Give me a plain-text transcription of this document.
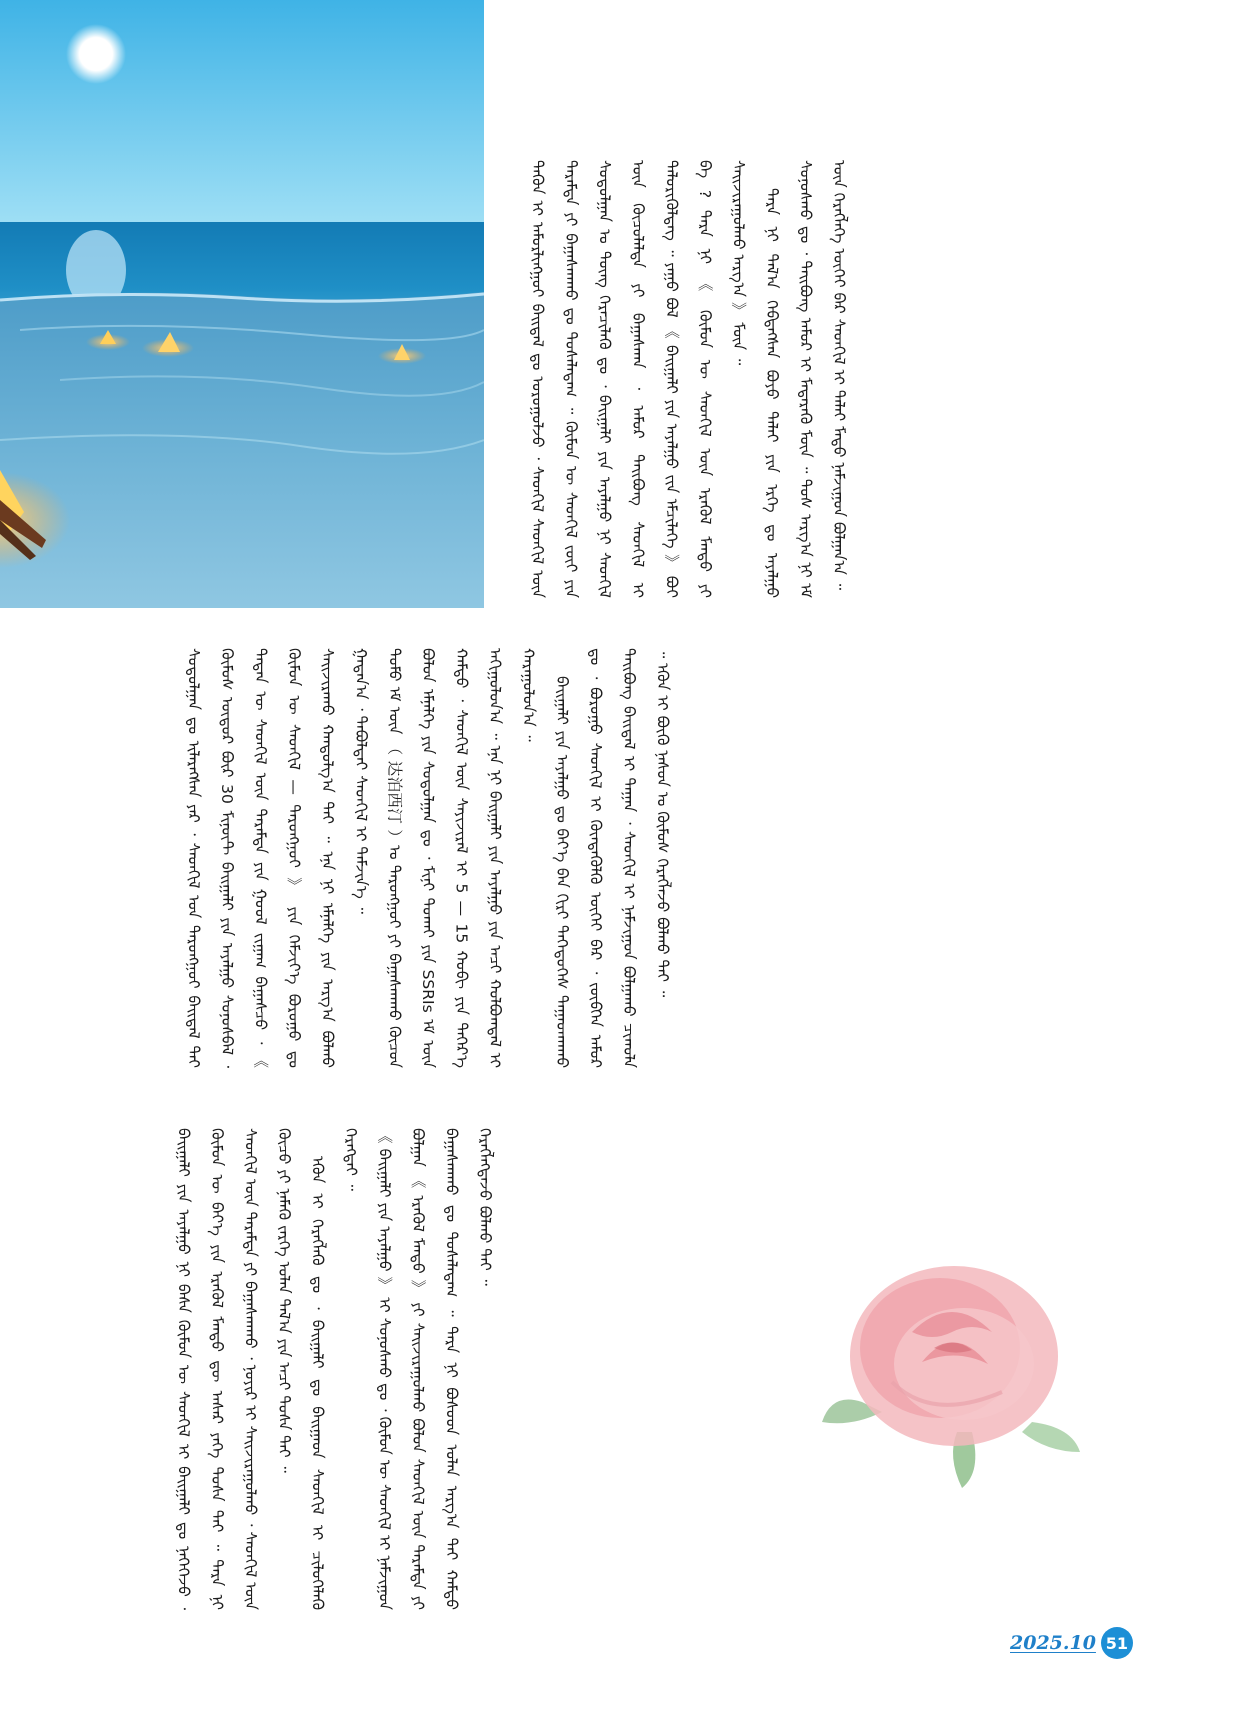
ᠲᠡᠭᠦᠨ ᠢ ᠠᠮᠤᠷᠯᠢᠩᠭᠤᠢ ᠪᠠᠢᠳᠠᠯ ᠳᠤ ᠣᠷᠤᠭᠤᠯᠵᠤ ᠂ ᠰᠡᠳᠬᠢᠯ ᠰᠡᠳᠬᠢᠯ ᠦᠨ ᠳᠠᠷᠠᠮᠲᠠ ᠶᠢ ᠪᠠᠭᠠᠰᠬᠠᠬᠤ ᠳᠤ ᠲᠤᠰᠠᠯᠠᠳᠠᠭ ᠃ ᠬᠦᠮᠦᠨ ᠦ ᠰᠡᠳᠬᠢᠯ ᠵᠦᠢ ᠶᠢᠨ ᠰᠤᠳᠤᠯᠭᠠᠨ ᠤ ᠳᠦᠩ ᠭᠡᠷᠡᠴᠢᠯᠡᠬᠦ ᠳᠤ ᠂ ᠪᠠᠢᠭᠠᠯᠢ ᠶᠢᠨ ᠠᠶᠠᠯᠭᠤ ᠨᠢ ᠰᠡᠳᠬᠢᠯ ᠦᠨ ᠬᠦᠴᠦᠯᠡᠯᠲᠡ ᠶᠢ ᠪᠠᠭᠠᠰᠬᠠᠨ ᠂ ᠠᠮᠤᠷ ᠲᠠᠢᠪᠤᠩ ᠰᠡᠳᠬᠢᠯ ᠢ ᠲᠡᠯᠦᠷᠢᠭᠦᠯᠳᠡᠭ ᠃ ᠶᠠᠭᠤ ᠪᠣᠯ 《 ᠪᠠᠢᠭᠠᠯᠢ ᠶᠢᠨ ᠠᠶᠠᠯᠭᠤ ᠵᠢᠨ ᠡᠮᠴᠢᠯᠡᠭᠡ 》 ᠪᠤᠢ ᠪᠡ ? ᠲᠡᠷᠡ ᠨᠢ 《 ᠬᠦᠮᠦᠨ ᠦ ᠰᠡᠳᠬᠢᠯ ᠦᠨ ᠡᠷᠡᠬᠦᠯ ᠮᠡᠨᠳᠦ ᠶᠢ ᠰᠠᠢᠵᠢᠷᠠᠭᠤᠯᠬᠤ ᠠᠷᠭ᠎ᠠ 》 ᠮᠥᠨ ᠃	ᠲᠡᠷᠡ ᠨᠢ ᠲᠠᠯ᠎ᠠ ᠬᠡᠪᠲᠡᠭᠰᠡᠨ ᠪᠤᠶᠤ ᠳᠠᠯᠠᠢ ᠶᠢᠨ ᠡᠷᠭᠡ ᠳᠤ ᠠᠶᠠᠯᠭᠤ ᠰᠣᠨᠣᠰᠬᠤ ᠳᠤ ᠂ ᠲᠠᠢᠪᠤᠩ ᠠᠮᠤᠷ ᠢ ᠮᠡᠳᠡᠷᠡᠬᠦ ᠮᠥᠨ ᠃ ᠲᠤᠰ ᠠᠷᠭ᠎ᠠ ᠨᠢ ᠡᠮ ᠦᠨ ᠬᠡᠷᠡᠭᠯᠡᠭᠡ ᠦᠭᠡᠢ ᠪᠡᠷ ᠰᠡᠳᠬᠢᠯ ᠢ ᠳᠠᠯᠠᠢ ᠮᠡᠲᠦ ᠨᠠᠮᠵᠢᠭᠤᠨ ᠪᠣᠯᠭᠠᠨ᠎ᠠ ᠃

ᠰᠤᠳᠤᠯᠭᠠᠨ ᠳᠤ ᠢᠯᠡᠷᠡᠭᠰᠡᠨ ᠶᠠᠷ ᠂ ᠰᠡᠳᠬᠢᠯ ᠤᠨ ᠳᠠᠷᠤᠩᠭᠤᠢ ᠪᠠᠢᠳᠠᠯ ᠲᠠᠢ ᠬᠦᠮᠦᠰ ᠦᠳᠦᠷ ᠪᠦᠷ 30 ᠮᠢᠨᠦ᠋ᠲ ᠪᠠᠢᠭᠠᠯᠢ ᠶᠢᠨ ᠠᠶᠠᠯᠭᠤ ᠰᠣᠨᠣᠰᠪᠠᠯ ᠂ ᠲᠡᠳᠡᠨ ᠦ ᠰᠡᠳᠬᠢᠯ ᠦᠨ ᠳᠠᠷᠠᠮᠲᠠ ᠶᠢᠨ ᠭᠣᠣᠯ ᠵᠢᠭᠠᠭ ᠪᠠᠭᠠᠰᠴᠤ ᠂ 《 ᠬᠦᠮᠦᠨ ᠦ ᠰᠡᠳᠬᠢᠯ — ᠳᠠᠷᠤᠩᠭᠤᠢ 》 ᠶᠢᠨ ᠬᠡᠮᠵᠢᠶ᠎ᠡ ᠪᠤᠷᠤᠭᠤ ᠳᠤ ᠰᠠᠢᠵᠢᠷᠠᠬᠤ ᠬᠠᠨᠳᠤᠯᠭ᠎ᠠ ᠲᠠᠢ ᠃ ᠡᠨᠡ ᠨᠢ ᠡᠮᠨᠡᠯᠭᠡ ᠶᠢᠨ ᠠᠷᠭ᠎ᠠ ᠪᠣᠯᠬᠤ ᠭᠠᠳᠠᠨ᠎ᠠ ᠂ ᠳᠠᠪᠤᠯᠲᠠᠢ ᠰᠡᠳᠬᠢᠯ ᠢ ᠳᠡᠮᠵᠢᠨ᠎ᠡ ᠃	ᠲᠣᠮᠣ ᠡᠮ ᠦᠨ （ 达泊西汀 ）ᠤ ᠳᠠᠷᠤᠩᠭᠤᠢ ᠶᠢ ᠪᠠᠭᠠᠰᠬᠠᠬᠤ ᠬᠦᠴᠦᠨ ᠪᠣᠯᠤᠨ ᠡᠮᠨᠡᠯᠭᠡ ᠶᠢᠨ ᠰᠤᠳᠤᠯᠭᠠᠨ ᠳᠤ ᠂ ᠮᠢᠨᠢ ᠲᠤᠬᠠᠢ ᠶᠢᠨ SSRIs ᠡᠮ ᠦᠨ ᠬᠠᠮᠲᠤ ᠂ ᠰᠡᠳᠬᠢᠯ ᠦᠨ ᠰᠠᠶᠢᠵᠢᠷᠠᠯ ᠢ 5 — 15 ᠬᠤᠪᠢ ᠶᠢᠨ ᠳᠡᠭᠡᠷ᠎ᠡ ᠠᠬᠢᠭᠤᠯᠤᠨ᠎ᠠ ᠃ ᠡᠨᠡ ᠨᠢ ᠪᠠᠢᠭᠠᠯᠢ ᠶᠢᠨ ᠠᠶᠠᠯᠭᠤ ᠶᠢᠨ ᠠᠴᠢ ᠬᠣᠯᠪᠣᠭᠳᠠᠯ ᠢ ᠬᠠᠷᠠᠭᠤᠯᠤᠨ᠎ᠠ ᠃	ᠪᠠᠢᠭᠠᠯᠢ ᠶᠢᠨ ᠠᠶᠠᠯᠭᠤ ᠳᠤ ᠪᠡᠶ᠎ᠡ ᠪᠡᠨ ᠬᠢᠷᠢ ᠲᠡᠭᠡᠳᠦᠭᠡᠰ ᠳᠠᠭᠠᠳᠬᠠᠬᠤ ᠳᠤ ᠂ ᠪᠤᠷᠤᠭᠤ ᠰᠡᠳᠬᠢᠯ ᠢ ᠬᠥᠨᠳᠡᠭᠦᠯᠬᠦ ᠦᠭᠡᠢ ᠪᠡᠷ ᠂ ᠵᠥᠪᠬᠡᠨ ᠠᠮᠤᠷ ᠲᠠᠢᠪᠤᠩ ᠪᠠᠢᠳᠠᠯ ᠢ ᠳᠠᠭᠠᠨ ᠂ ᠰᠡᠳᠬᠢᠯ ᠢ ᠨᠠᠮᠵᠢᠭᠤᠨ ᠪᠣᠯᠭᠠᠬᠤ ᠴᠢᠬᠤᠯᠠ ᠃ ᠡᠭᠦᠨ ᠢ ᠪᠦᠬᠦ ᠨᠠᠰᠤᠨ ᠤ ᠬᠦᠮᠦᠰ ᠬᠡᠷᠡᠭᠯᠡᠵᠦ ᠪᠣᠯᠬᠤ ᠲᠠᠢ ᠃

ᠪᠠᠢᠭᠠᠯᠢ ᠶᠢᠨ ᠠᠶᠠᠯᠭᠤ ᠨᠢ ᠪᠠᠰᠠ ᠬᠦᠮᠦᠨ ᠦ ᠰᠡᠳᠬᠢᠯ ᠢ ᠪᠠᠢᠭᠠᠯᠢ ᠳᠤ ᠨᠡᠭᠡᠭᠡᠵᠦ ᠂ ᠬᠦᠮᠦᠨ ᠦ ᠪᠡᠶ᠎ᠡ ᠶᠢᠨ ᠡᠷᠡᠬᠦᠯ ᠮᠡᠨᠳᠦ ᠳᠦ ᠠᠰᠠᠷ ᠶᠡᠬᠡ ᠲᠤᠰᠠ ᠲᠠᠢ ᠃ ᠲᠡᠷᠡ ᠨᠢ ᠰᠡᠳᠬᠢᠯ ᠦᠨ ᠳᠠᠷᠠᠮᠲᠠ ᠶᠢ ᠪᠠᠭᠠᠰᠬᠠᠬᠤ ᠂ ᠨᠣᠶᠢᠷ ᠢ ᠰᠠᠢᠵᠢᠷᠠᠭᠤᠯᠬᠤ ᠂ ᠰᠡᠳᠬᠢᠯ ᠦᠨ ᠬᠦᠴᠦ ᠶᠢ ᠨᠡᠮᠡᠬᠦ ᠵᠡᠷᠭᠡ ᠣᠯᠠᠨ ᠲᠠᠯ᠎ᠠ ᠶᠢᠨ ᠠᠴᠢ ᠲᠤᠰᠠ ᠲᠠᠢ ᠃	ᠡᠭᠦᠨ ᠢ ᠬᠡᠷᠡᠭᠯᠡᠬᠦ ᠳᠤ ᠂ ᠪᠠᠢᠭᠠᠯᠢ ᠳᠤ ᠪᠠᠢᠭᠠᠳ ᠰᠡᠳᠬᠢᠯ ᠢ ᠴᠢᠯᠦᠭᠡᠯᠡᠬᠦ ᠬᠡᠷᠡᠭᠲᠡᠢ ᠃	《 ᠪᠠᠢᠭᠠᠯᠢ ᠶᠢᠨ ᠠᠶᠠᠯᠭᠤ 》 ᠢ ᠰᠣᠨᠣᠰᠬᠤ ᠳᠤ ᠂ ᠬᠦᠮᠦᠨ ᠦ ᠰᠡᠳᠬᠢᠯ ᠢ ᠨᠠᠮᠵᠢᠭᠤᠨ ᠪᠣᠯᠭᠠᠨ 《 ᠡᠷᠡᠬᠦᠯ ᠮᠡᠨᠳᠦ 》 ᠶᠢ ᠰᠠᠢᠵᠢᠷᠠᠭᠤᠯᠬᠤ ᠪᠤᠯᠤᠨ ᠰᠡᠳᠬᠢᠯ ᠦᠨ ᠳᠠᠷᠠᠮᠲᠠ ᠶᠢ ᠪᠠᠭᠠᠰᠬᠠᠬᠤ ᠳᠤ ᠲᠤᠰᠠᠯᠠᠳᠠᠭ ᠃ ᠲᠡᠷᠡ ᠨᠢ ᠪᠤᠰᠤᠳ ᠣᠯᠠᠨ ᠠᠷᠭ᠎ᠠ ᠲᠠᠢ ᠬᠠᠮᠲᠤ ᠬᠡᠷᠡᠭᠯᠡᠭᠳᠡᠵᠦ ᠪᠣᠯᠬᠤ ᠲᠠᠢ ᠃

2025.10 51
